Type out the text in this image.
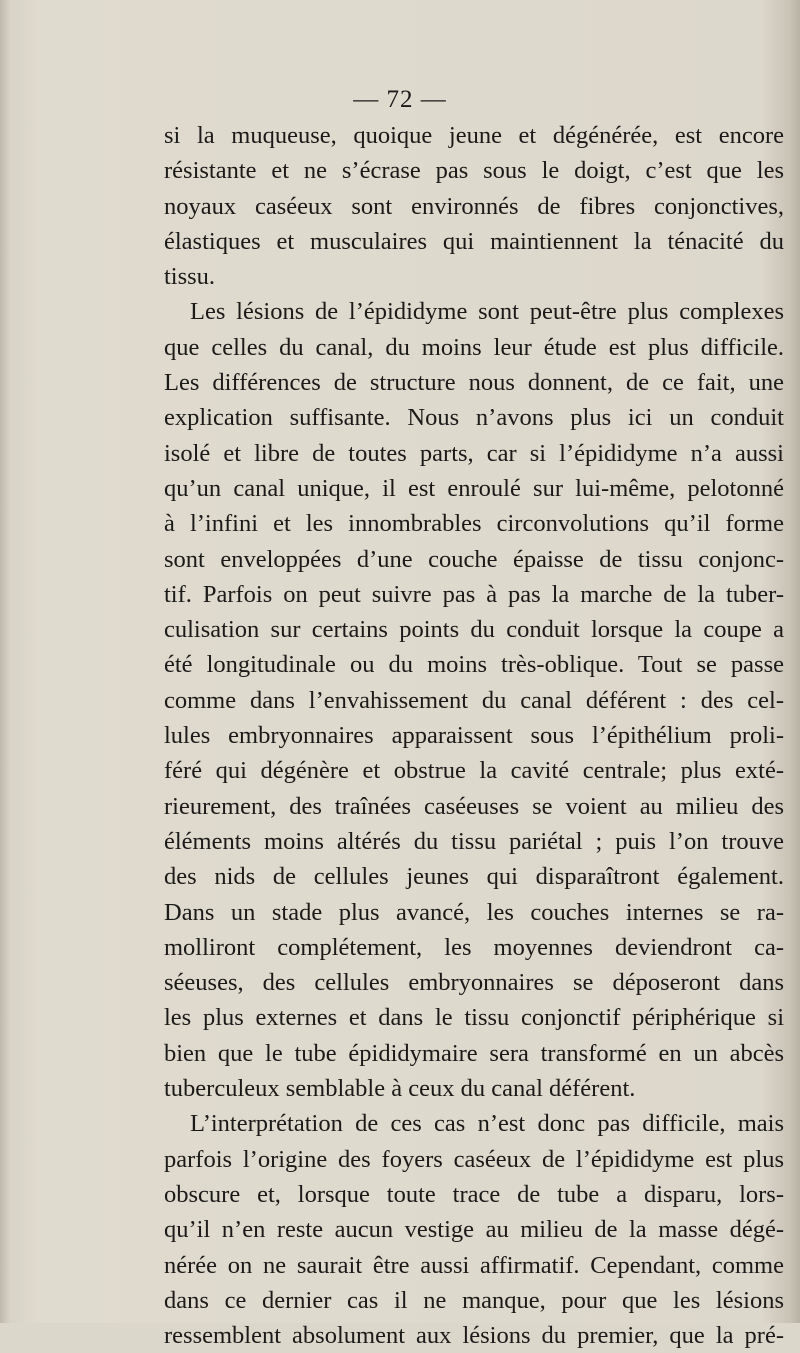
— 72 —
si la muqueuse, quoique jeune et dégénérée, est encore
résistante et ne s’écrase pas sous le doigt, c’est que les
noyaux caséeux sont environnés de fibres conjonctives,
élastiques et musculaires qui maintiennent la ténacité du
tissu.
Les lésions de l’épididyme sont peut-être plus complexes
que celles du canal, du moins leur étude est plus difficile.
Les différences de structure nous donnent, de ce fait, une
explication suffisante. Nous n’avons plus ici un conduit
isolé et libre de toutes parts, car si l’épididyme n’a aussi
qu’un canal unique, il est enroulé sur lui-même, pelotonné
à l’infini et les innombrables circonvolutions qu’il forme
sont enveloppées d’une couche épaisse de tissu conjonc-
tif. Parfois on peut suivre pas à pas la marche de la tuber-
culisation sur certains points du conduit lorsque la coupe a
été longitudinale ou du moins très-oblique. Tout se passe
comme dans l’envahissement du canal déférent : des cel-
lules embryonnaires apparaissent sous l’épithélium proli-
féré qui dégénère et obstrue la cavité centrale; plus exté-
rieurement, des traînées caséeuses se voient au milieu des
éléments moins altérés du tissu pariétal ; puis l’on trouve
des nids de cellules jeunes qui disparaîtront également.
Dans un stade plus avancé, les couches internes se ra-
molliront complétement, les moyennes deviendront ca-
séeuses, des cellules embryonnaires se déposeront dans
les plus externes et dans le tissu conjonctif périphérique si
bien que le tube épididymaire sera transformé en un abcès
tuberculeux semblable à ceux du canal déférent.
L’interprétation de ces cas n’est donc pas difficile, mais
parfois l’origine des foyers caséeux de l’épididyme est plus
obscure et, lorsque toute trace de tube a disparu, lors-
qu’il n’en reste aucun vestige au milieu de la masse dégé-
nérée on ne saurait être aussi affirmatif. Cependant, comme
dans ce dernier cas il ne manque, pour que les lésions
ressemblent absolument aux lésions du premier, que la pré-
